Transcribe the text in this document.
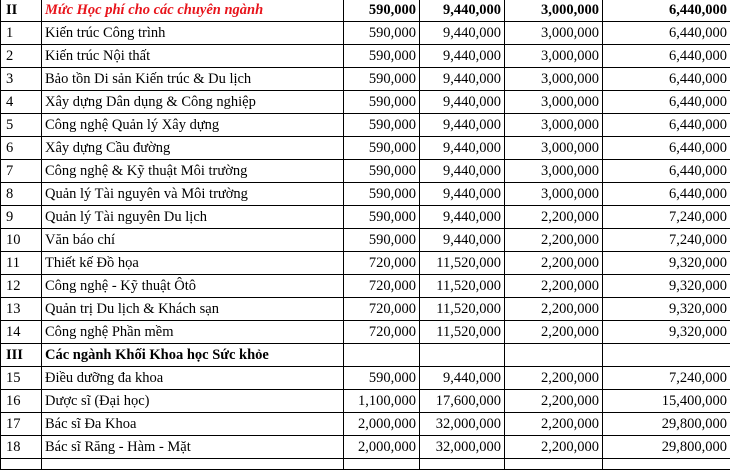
II	Mức Học phí cho các chuyên ngành	590,000	9,440,000	3,000,000	6,440,000
1	Kiến trúc Công trình	590,000	9,440,000	3,000,000	6,440,000
2	Kiến trúc Nội thất	590,000	9,440,000	3,000,000	6,440,000
3	Bảo tồn Di sản Kiến trúc & Du lịch	590,000	9,440,000	3,000,000	6,440,000
4	Xây dựng Dân dụng & Công nghiệp	590,000	9,440,000	3,000,000	6,440,000
5	Công nghệ Quản lý Xây dựng	590,000	9,440,000	3,000,000	6,440,000
6	Xây dựng Cầu đường	590,000	9,440,000	3,000,000	6,440,000
7	Công nghệ & Kỹ thuật Môi trường	590,000	9,440,000	3,000,000	6,440,000
8	Quản lý Tài nguyên và Môi trường	590,000	9,440,000	3,000,000	6,440,000
9	Quản lý Tài nguyên Du lịch	590,000	9,440,000	2,200,000	7,240,000
10	Văn báo chí	590,000	9,440,000	2,200,000	7,240,000
11	Thiết kế Đồ họa	720,000	11,520,000	2,200,000	9,320,000
12	Công nghệ - Kỹ thuật Ôtô	720,000	11,520,000	2,200,000	9,320,000
13	Quản trị Du lịch & Khách sạn	720,000	11,520,000	2,200,000	9,320,000
14	Công nghệ Phần mềm	720,000	11,520,000	2,200,000	9,320,000
III	Các ngành Khối Khoa học Sức khỏe				
15	Điều dưỡng đa khoa	590,000	9,440,000	2,200,000	7,240,000
16	Dược sĩ (Đại học)	1,100,000	17,600,000	2,200,000	15,400,000
17	Bác sĩ Đa Khoa	2,000,000	32,000,000	2,200,000	29,800,000
18	Bác sĩ Răng - Hàm - Mặt	2,000,000	32,000,000	2,200,000	29,800,000
